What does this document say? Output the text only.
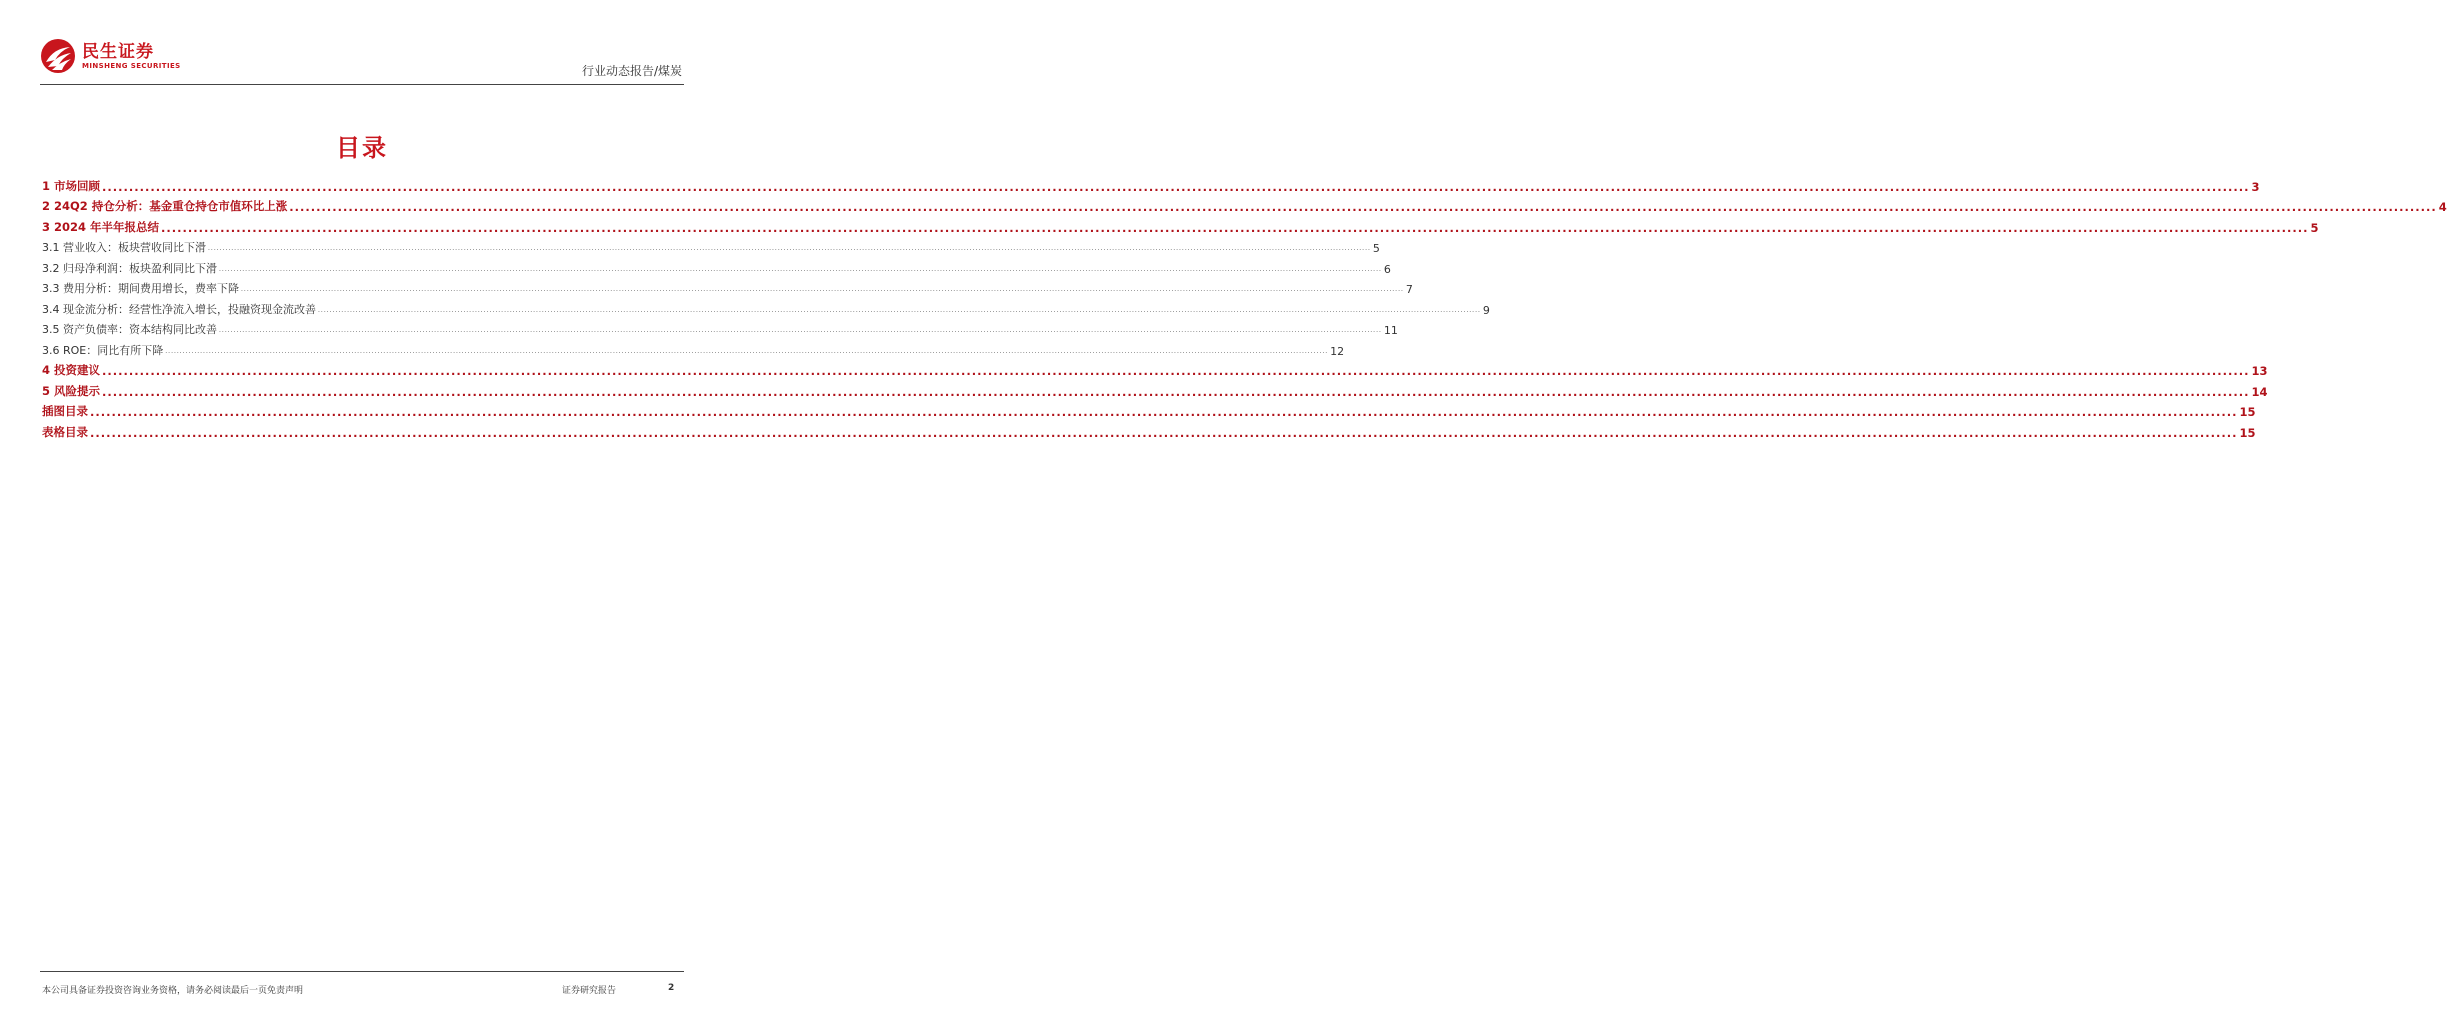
民生证券
MINSHENG SECURITIES	行业动态报告/煤炭
目录
1 市场回顾 ................................................................................................................................................................................................................................................................................................................................................................................................................ 3
2 24Q2 持仓分析：基金重仓持仓市值环比上涨 ................................................................................................................................................................................................................................................................................................................................................................................................................ 4
3 2024 年半年报总结 ................................................................................................................................................................................................................................................................................................................................................................................................................ 5
3.1 营业收入：板块营收同比下滑 ................................................................................................................................................................................................................................................................................................................................................................................................................ 5
3.2 归母净利润：板块盈利同比下滑 ................................................................................................................................................................................................................................................................................................................................................................................................................ 6
3.3 费用分析：期间费用增长，费率下降 ................................................................................................................................................................................................................................................................................................................................................................................................................ 7
3.4 现金流分析：经营性净流入增长，投融资现金流改善 ................................................................................................................................................................................................................................................................................................................................................................................................................ 9
3.5 资产负债率：资本结构同比改善 ................................................................................................................................................................................................................................................................................................................................................................................................................ 11
3.6 ROE：同比有所下降 ................................................................................................................................................................................................................................................................................................................................................................................................................ 12
4 投资建议 ................................................................................................................................................................................................................................................................................................................................................................................................................ 13
5 风险提示 ................................................................................................................................................................................................................................................................................................................................................................................................................ 14
插图目录 ................................................................................................................................................................................................................................................................................................................................................................................................................ 15
表格目录 ................................................................................................................................................................................................................................................................................................................................................................................................................ 15
本公司具备证券投资咨询业务资格，请务必阅读最后一页免责声明	证券研究报告	2
